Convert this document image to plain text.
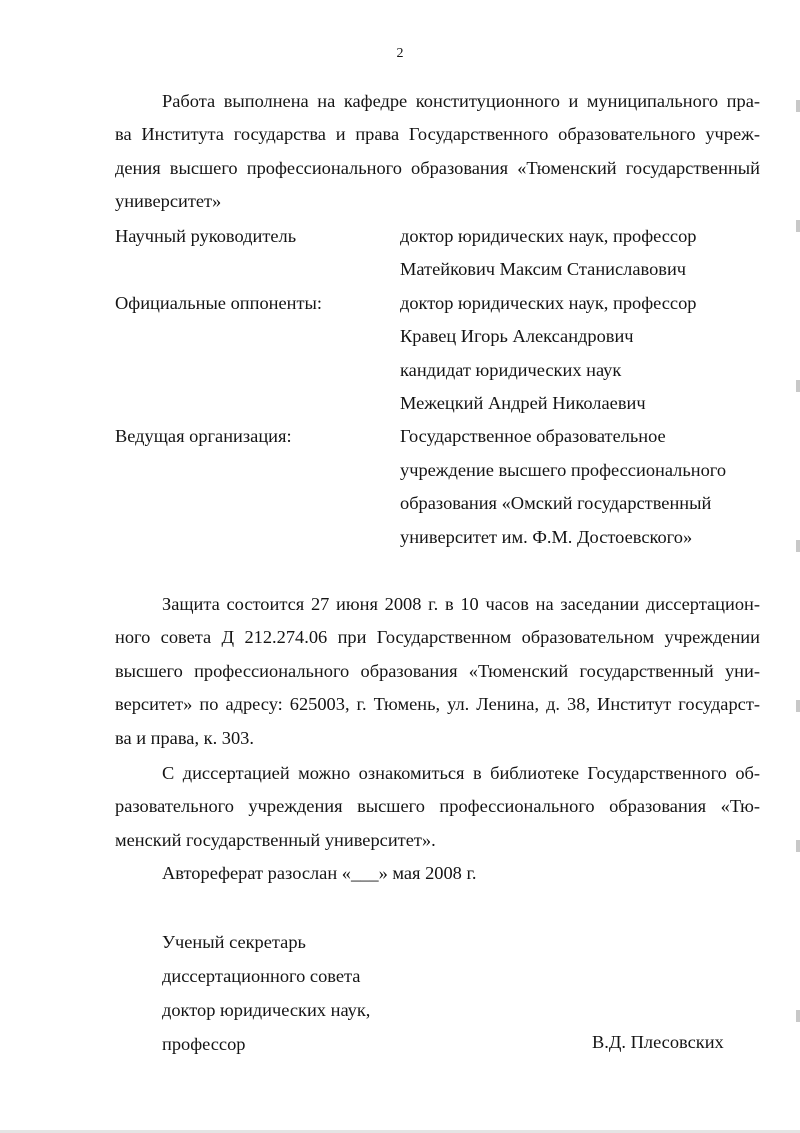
2
Работа выполнена на кафедре конституционного и муниципального пра-
ва Института государства и права Государственного образовательного учреж-
дения высшего профессионального образования «Тюменский государственный
университет»
Научный руководитель	доктор юридических наук, профессор
Матейкович Максим Станиславович
Официальные оппоненты:	доктор юридических наук, профессор
Кравец Игорь Александрович
кандидат юридических наук
Межецкий Андрей Николаевич
Ведущая организация:	Государственное образовательное
учреждение высшего профессионального
образования «Омский государственный
университет им. Ф.М. Достоевского»
Защита состоится 27 июня 2008 г. в 10 часов на заседании диссертацион-
ного совета Д 212.274.06 при Государственном образовательном учреждении
высшего профессионального образования «Тюменский государственный уни-
верситет» по адресу: 625003, г. Тюмень, ул. Ленина, д. 38, Институт государст-
ва и права, к. 303.
С диссертацией можно ознакомиться в библиотеке Государственного об-
разовательного учреждения высшего профессионального образования «Тю-
менский государственный университет».
Автореферат разослан «___» мая 2008 г.
Ученый секретарь
диссертационного совета
доктор юридических наук,
профессор	В.Д. Плесовских
